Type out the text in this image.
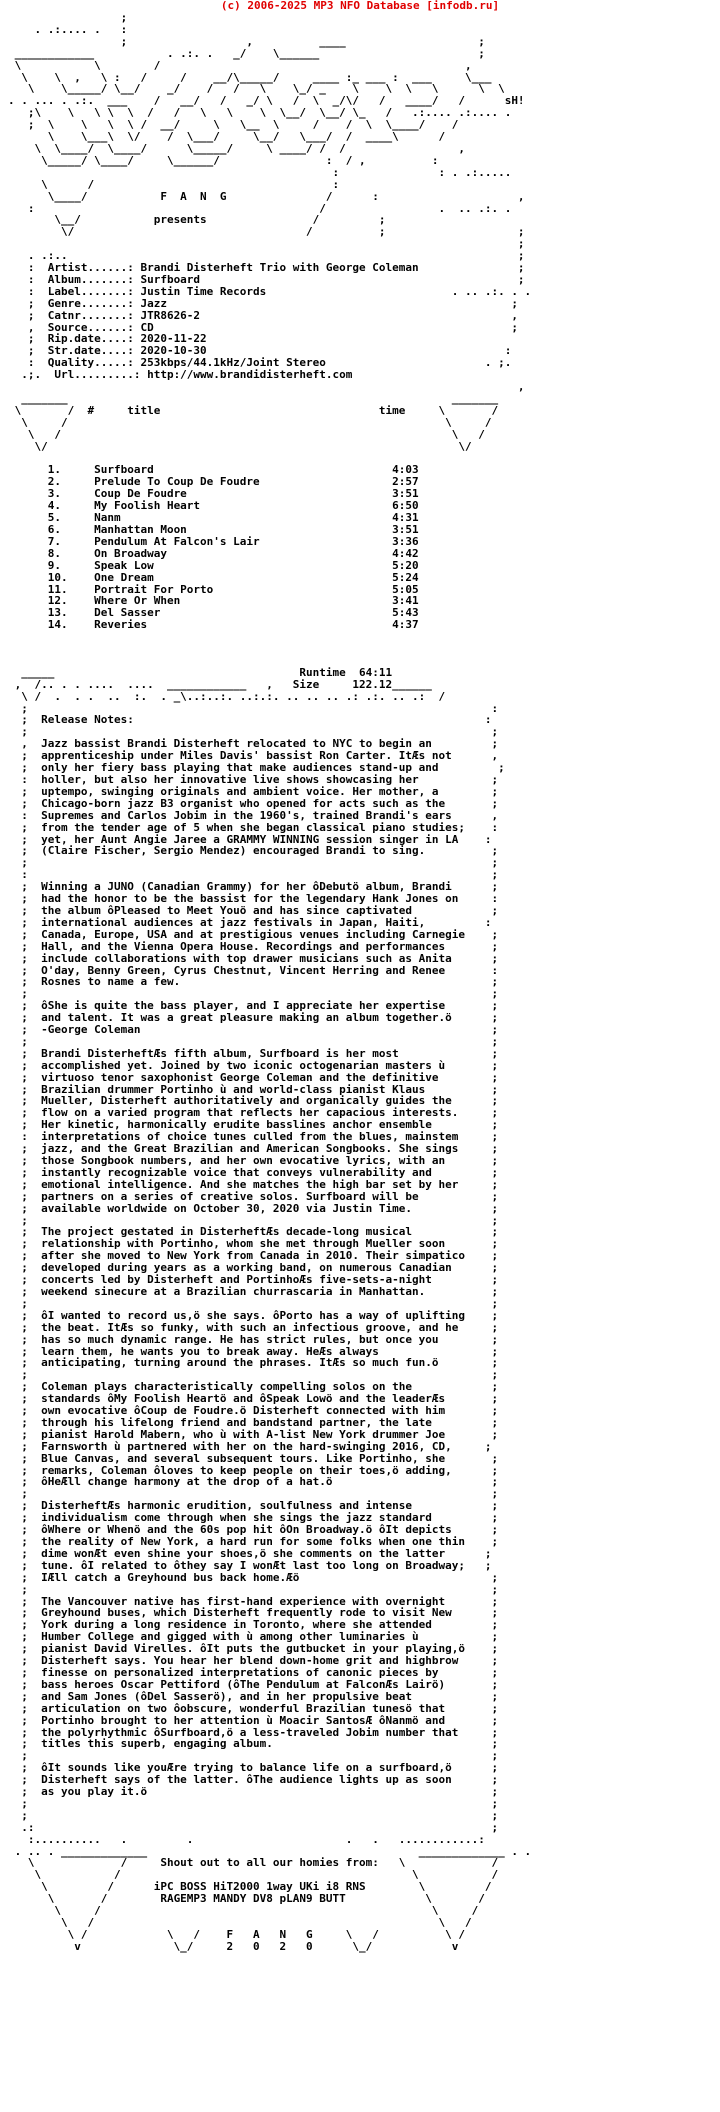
(c) 2006-2025 MP3 NFO Database [infodb.ru]
;
. .:.... .   :
;                  ,          ____                    ;
____________           . .:. .   _/    \______                        ;
\           \        /                                              ,
\    \  ,   \ :   /     /    __/\_____/     ____ :_ ___ :  ___     \___
\    \_____/ \__/    _/    /   /   \    \_/ _    \    \  \   \      \  \
. . ... . .:.  ___    /   __/   /   _/ \   /  \  _/\/   /   ____/   /      sH!
;\    \   \ \  \  /   /   \   \    \  \__/  \__/ \_   /   .:.... .:.... .
;  \    \   \  \ /  __/     \   \__  \     /    /  \  \____/    /
\    \___\  \/    /  \___/     \__/   \___/  /  ____\      /
\  \____/  \____/      \_____/     \ ____/ /  /                 ,
\_____/ \____/     \______/                :  / ,          :
:               : . .:.....
\      /                                    :
\____/           F  A  N  G               /      :                     ,
:                                           /                 .  .. .:. .
\__/           presents                /         ;
\/                                   /          ;                    ;
;
. .:..                                                                    ;
:  Artist......: Brandi Disterheft Trio with George Coleman               ;
:  Album.......: Surfboard                                                ;
:  Label.......: Justin Time Records                            . .. .:. . .
;  Genre.......: Jazz                                                    ;
;  Catnr.......: JTR8626-2                                               ,
,  Source......: CD                                                      ;
;  Rip.date....: 2020-11-22
;  Str.date....: 2020-10-30                                             :
:  Quality.....: 253kbps/44.1kHz/Joint Stereo                        . ;.
.;.  Url.........: http://www.brandidisterheft.com
,
_______                                                          _______
\       /  #     title                                 time     \       /
\     /                                                         \     /
\   /                                                           \   /
\/                                                              \/

1.     Surfboard                                    4:03
2.     Prelude To Coup De Foudre                    2:57
3.     Coup De Foudre                               3:51
4.     My Foolish Heart                             6:50
5.     Nanm                                         4:31
6.     Manhattan Moon                               3:51
7.     Pendulum At Falcon's Lair                    3:36
8.     On Broadway                                  4:42
9.     Speak Low                                    5:20
10.    One Dream                                    5:24
11.    Portrait For Porto                           5:05
12.    Where Or When                                3:41
13.    Del Sasser                                   5:43
14.    Reveries                                     4:37

_____                                     Runtime  64:11
,  /.. . . ....  ....  ____________   ,   Size     122.12______
\ /  .  . .  ..  :.  . _\..:..:. ..:.:. .. .. .. .: .:. .. .:  /
;                                                                      :
;  Release Notes:                                                     :
;                                                                      ;
,  Jazz bassist Brandi Disterheft relocated to NYC to begin an         ;
;  apprenticeship under Miles Davis' bassist Ron Carter. ItÆs not      ,
;  only her fiery bass playing that make audiences stand-up and         ;
:  holler, but also her innovative live shows showcasing her           ;
;  uptempo, swinging originals and ambient voice. Her mother, a        ;
;  Chicago-born jazz B3 organist who opened for acts such as the       ;
:  Supremes and Carlos Jobim in the 1960's, trained Brandi's ears      ,
;  from the tender age of 5 when she began classical piano studies;    :
;  yet, her Aunt Angie Jaree a GRAMMY WINNING session singer in LA    :
;  (Claire Fischer, Sergio Mendez) encouraged Brandi to sing.          ;
;                                                                      ;
:                                                                      ;
;  Winning a JUNO (Canadian Grammy) for her ôDebutö album, Brandi      ;
;  had the honor to be the bassist for the legendary Hank Jones on     :
;  the album ôPleased to Meet Youö and has since captivated            ;
;  international audiences at jazz festivals in Japan, Haiti,         :
;  Canada, Europe, USA and at prestigious venues including Carnegie    ;
;  Hall, and the Vienna Opera House. Recordings and performances       ;
;  include collaborations with top drawer musicians such as Anita      ;
;  O'day, Benny Green, Cyrus Chestnut, Vincent Herring and Renee       :
;  Rosnes to name a few.                                               ;
;                                                                      ;
;  ôShe is quite the bass player, and I appreciate her expertise       ;
;  and talent. It was a great pleasure making an album together.ö      ;
;  -George Coleman                                                     ;
;                                                                      ;
;  Brandi DisterheftÆs fifth album, Surfboard is her most              ;
;  accomplished yet. Joined by two iconic octogenarian masters ù       ;
;  virtuoso tenor saxophonist George Coleman and the definitive        ;
;  Brazilian drummer Portinho ù and world-class pianist Klaus          ;
;  Mueller, Disterheft authoritatively and organically guides the      ;
;  flow on a varied program that reflects her capacious interests.     ;
;  Her kinetic, harmonically erudite basslines anchor ensemble         ;
:  interpretations of choice tunes culled from the blues, mainstem     ;
;  jazz, and the Great Brazilian and American Songbooks. She sings     ;
;  those Songbook numbers, and her own evocative lyrics, with an       ;
;  instantly recognizable voice that conveys vulnerability and         ;
;  emotional intelligence. And she matches the high bar set by her     ;
;  partners on a series of creative solos. Surfboard will be           ;
;  available worldwide on October 30, 2020 via Justin Time.            ;
;                                                                      ;
;  The project gestated in DisterheftÆs decade-long musical            ;
;  relationship with Portinho, whom she met through Mueller soon       ;
;  after she moved to New York from Canada in 2010. Their simpatico    ;
;  developed during years as a working band, on numerous Canadian      ;
;  concerts led by Disterheft and PortinhoÆs five-sets-a-night         ;
;  weekend sinecure at a Brazilian churrascaria in Manhattan.          ;
;                                                                      ;
;  ôI wanted to record us,ö she says. ôPorto has a way of uplifting    ;
;  the beat. ItÆs so funky, with such an infectious groove, and he     ;
;  has so much dynamic range. He has strict rules, but once you        ;
;  learn them, he wants you to break away. HeÆs always                 ;
;  anticipating, turning around the phrases. ItÆs so much fun.ö        ;
;                                                                      ;
;  Coleman plays characteristically compelling solos on the            ;
;  standards ôMy Foolish Heartö and ôSpeak Lowö and the leaderÆs       ;
;  own evocative ôCoup de Foudre.ö Disterheft connected with him       ;
;  through his lifelong friend and bandstand partner, the late         ;
;  pianist Harold Mabern, who ù with A-list New York drummer Joe       ;
;  Farnsworth ù partnered with her on the hard-swinging 2016, CD,     ;
;  Blue Canvas, and several subsequent tours. Like Portinho, she       ;
;  remarks, Coleman ôloves to keep people on their toes,ö adding,      ;
;  ôHeÆll change harmony at the drop of a hat.ö                        ;
;                                                                      ;
;  DisterheftÆs harmonic erudition, soulfulness and intense            ;
;  individualism come through when she sings the jazz standard         ;
;  ôWhere or Whenö and the 60s pop hit ôOn Broadway.ö ôIt depicts      ;
;  the reality of New York, a hard run for some folks when one thin    ;
;  dime wonÆt even shine your shoes,ö she comments on the latter      ;
;  tune. ôI related to ôthey say I wonÆt last too long on Broadway;   ;
;  IÆll catch a Greyhound bus back home.Æö                             ;
;                                                                      ;
;  The Vancouver native has first-hand experience with overnight       ;
;  Greyhound buses, which Disterheft frequently rode to visit New      ;
;  York during a long residence in Toronto, where she attended         ;
;  Humber College and gigged with ù among other luminaries ù           ;
;  pianist David Virelles. ôIt puts the gutbucket in your playing,ö    ;
;  Disterheft says. You hear her blend down-home grit and highbrow     ;
;  finesse on personalized interpretations of canonic pieces by        ;
;  bass heroes Oscar Pettiford (ôThe Pendulum at FalconÆs Lairö)       ;
;  and Sam Jones (ôDel Sasserö), and in her propulsive beat            ;
;  articulation on two ôobscure, wonderful Brazilian tunesö that       ;
;  Portinho brought to her attention ù Moacir SantosÆ ôNanmö and       ;
;  the polyrhythmic ôSurfboard,ö a less-traveled Jobim number that     ;
;  titles this superb, engaging album.                                 ;
;                                                                      ;
;  ôIt sounds like youÆre trying to balance life on a surfboard,ö      ;
;  Disterheft says of the latter. ôThe audience lights up as soon      ;
;  as you play it.ö                                                    ;
;                                                                      ;
;                                                                      ;
.:                                                                     ;
:..........   .         .                       .   .   ............:
. .. . _____________                                         _____________ . .
\             /     Shout out to all our homies from:   \             /
\           /                                            \           /
\         /      iPC BOSS HiT2000 1way UKi i8 RNS        \         /
\       /        RAGEMP3 MANDY DV8 pLAN9 BUTT            \       /
\     /                                                  \     /
\   /                                                    \   /
\ /            \   /    F   A   N   G     \   /          \ /
v              \_/     2   0   2   0      \_/            v
